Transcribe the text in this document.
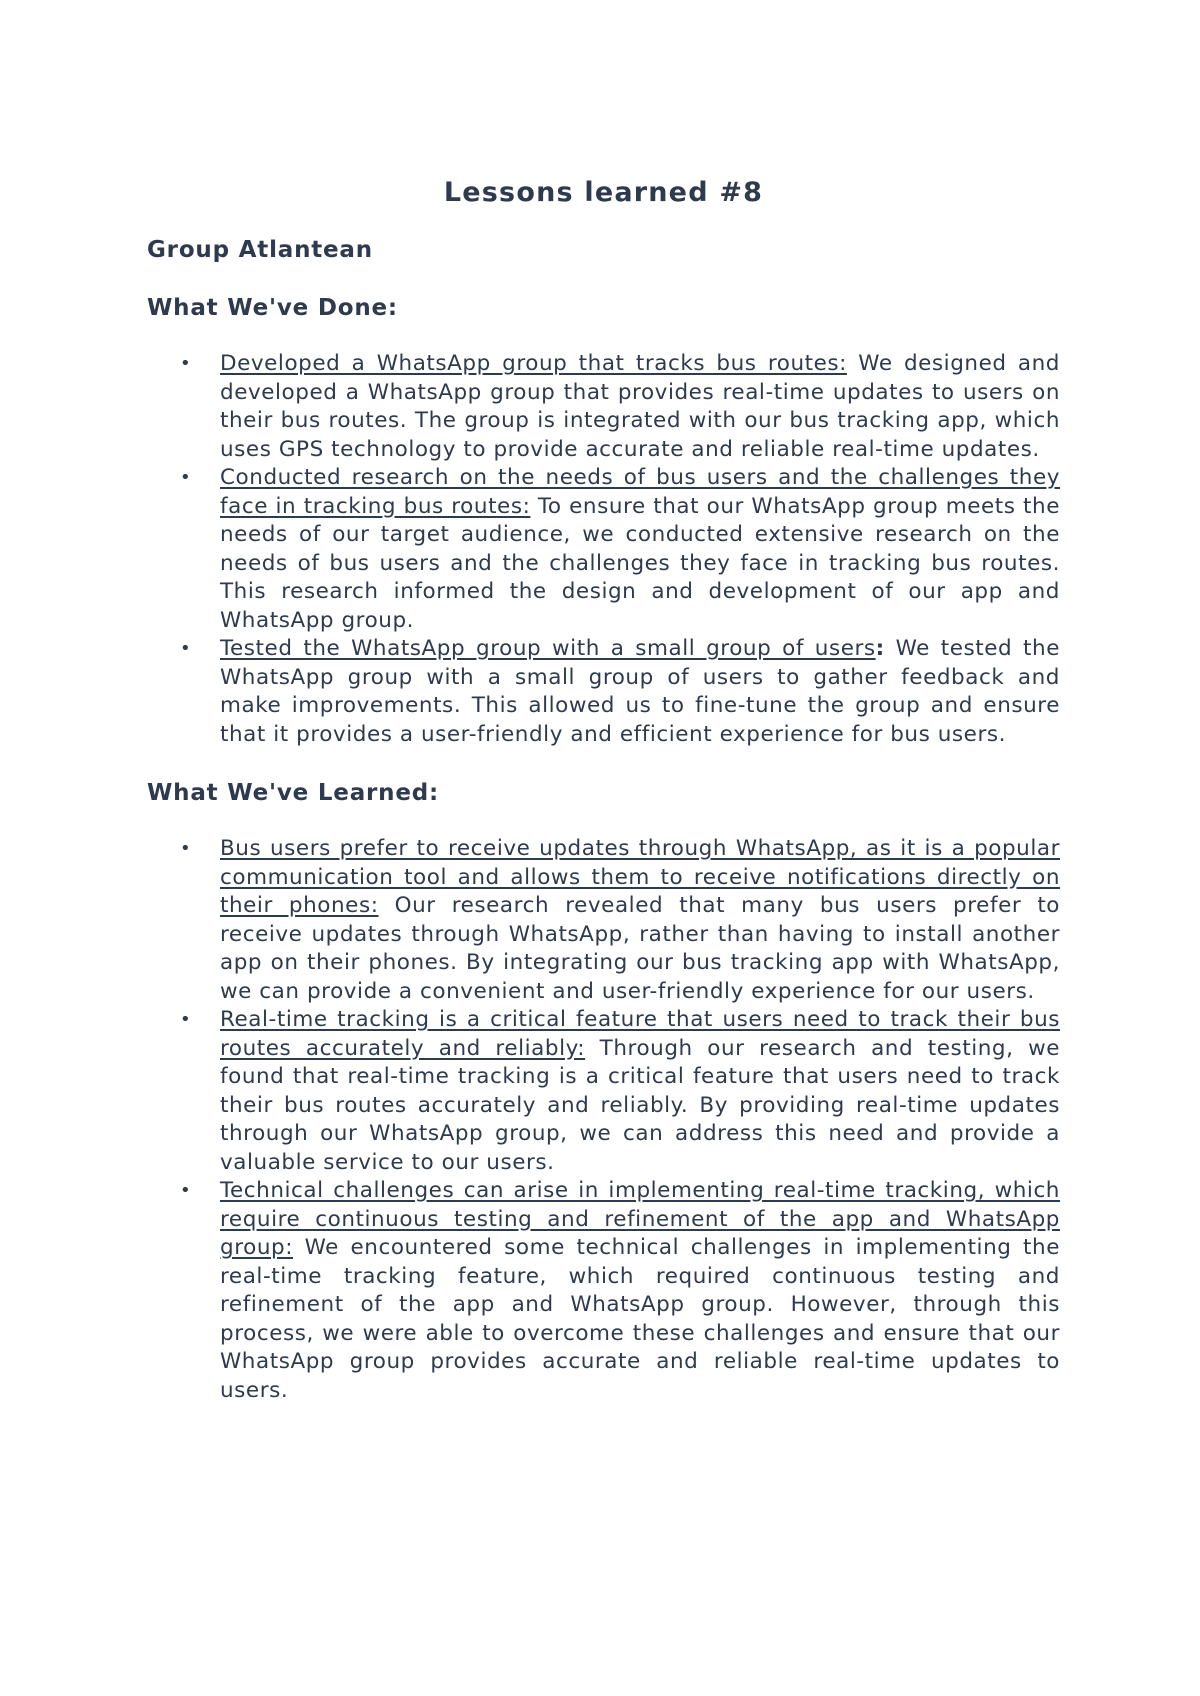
Lessons learned #8

Group Atlantean

What We've Done:

• Developed a WhatsApp group that tracks bus routes: We designed and developed a WhatsApp group that provides real-time updates to users on their bus routes. The group is integrated with our bus tracking app, which uses GPS technology to provide accurate and reliable real-time updates.
• Conducted research on the needs of bus users and the challenges they face in tracking bus routes: To ensure that our WhatsApp group meets the needs of our target audience, we conducted extensive research on the needs of bus users and the challenges they face in tracking bus routes. This research informed the design and development of our app and WhatsApp group.
• Tested the WhatsApp group with a small group of users: We tested the WhatsApp group with a small group of users to gather feedback and make improvements. This allowed us to fine-tune the group and ensure that it provides a user-friendly and efficient experience for bus users.

What We've Learned:

• Bus users prefer to receive updates through WhatsApp, as it is a popular communication tool and allows them to receive notifications directly on their phones: Our research revealed that many bus users prefer to receive updates through WhatsApp, rather than having to install another app on their phones. By integrating our bus tracking app with WhatsApp, we can provide a convenient and user-friendly experience for our users.
• Real-time tracking is a critical feature that users need to track their bus routes accurately and reliably: Through our research and testing, we found that real-time tracking is a critical feature that users need to track their bus routes accurately and reliably. By providing real-time updates through our WhatsApp group, we can address this need and provide a valuable service to our users.
• Technical challenges can arise in implementing real-time tracking, which require continuous testing and refinement of the app and WhatsApp group: We encountered some technical challenges in implementing the real-time tracking feature, which required continuous testing and refinement of the app and WhatsApp group. However, through this process, we were able to overcome these challenges and ensure that our WhatsApp group provides accurate and reliable real-time updates to users.
